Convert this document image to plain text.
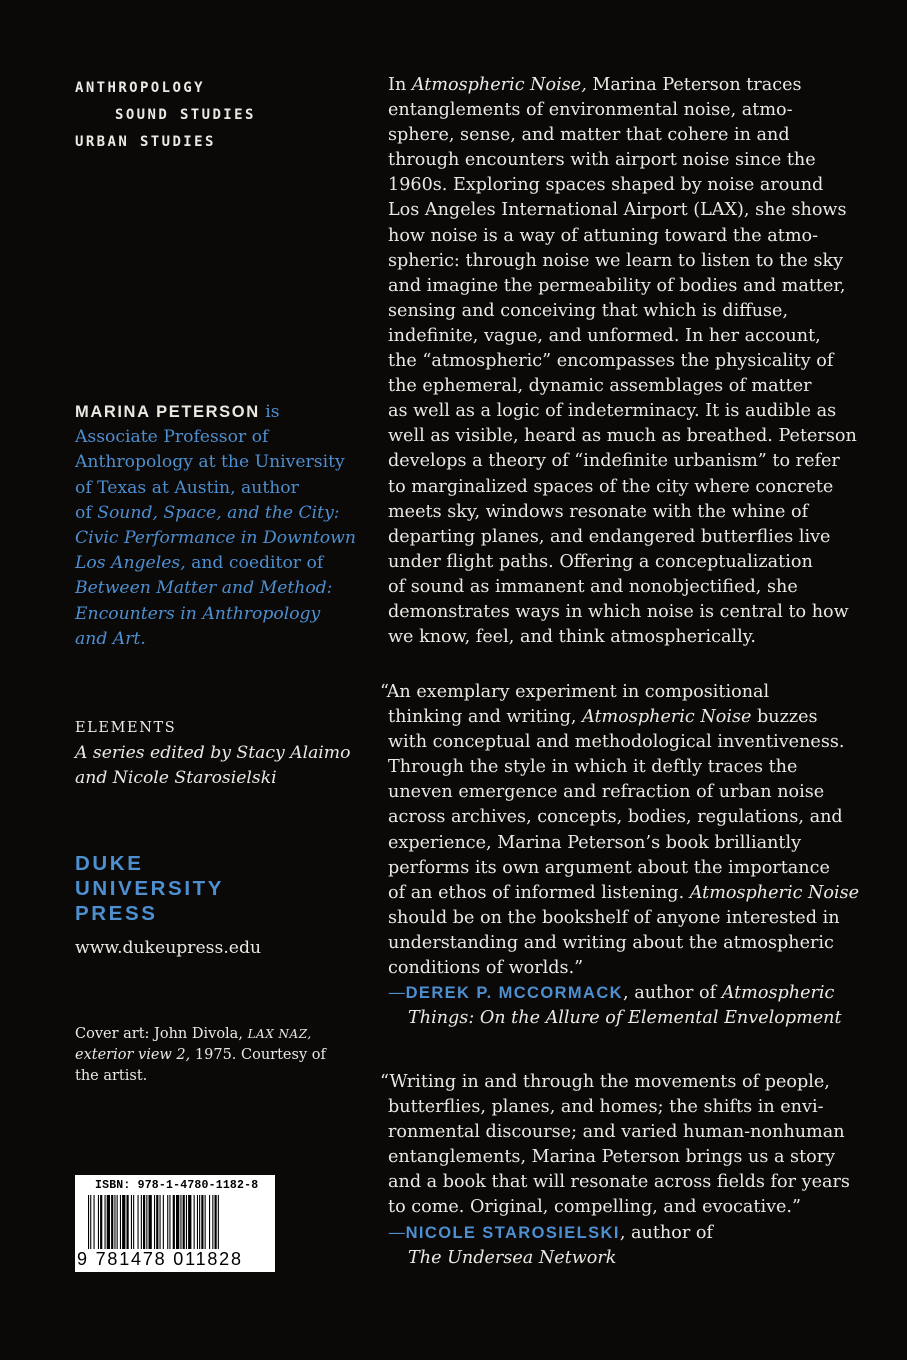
ANTHROPOLOGY
SOUND STUDIES
URBAN STUDIES
MARINA PETERSON is
Associate Professor of
Anthropology at the University
of Texas at Austin, author
of Sound, Space, and the City:
Civic Performance in Downtown
Los Angeles, and coeditor of
Between Matter and Method:
Encounters in Anthropology
and Art.
ELEMENTS
A series edited by Stacy Alaimo
and Nicole Starosielski
DUKE
UNIVERSITY
PRESS
www.dukeupress.edu
Cover art: John Divola, LAX NAZ,
exterior view 2, 1975. Courtesy of
the artist.
ISBN: 978-1-4780-1182-8
9 781478 011828
In Atmospheric Noise, Marina Peterson traces
entanglements of environmental noise, atmo-
sphere, sense, and matter that cohere in and
through encounters with airport noise since the
1960s. Exploring spaces shaped by noise around
Los Angeles International Airport (LAX), she shows
how noise is a way of attuning toward the atmo-
spheric: through noise we learn to listen to the sky
and imagine the permeability of bodies and matter,
sensing and conceiving that which is diffuse,
indefinite, vague, and unformed. In her account,
the “atmospheric” encompasses the physicality of
the ephemeral, dynamic assemblages of matter
as well as a logic of indeterminacy. It is audible as
well as visible, heard as much as breathed. Peterson
develops a theory of “indefinite urbanism” to refer
to marginalized spaces of the city where concrete
meets sky, windows resonate with the whine of
departing planes, and endangered butterflies live
under flight paths. Offering a conceptualization
of sound as immanent and nonobjectified, she
demonstrates ways in which noise is central to how
we know, feel, and think atmospherically.
“An exemplary experiment in compositional
thinking and writing, Atmospheric Noise buzzes
with conceptual and methodological inventiveness.
Through the style in which it deftly traces the
uneven emergence and refraction of urban noise
across archives, concepts, bodies, regulations, and
experience, Marina Peterson’s book brilliantly
performs its own argument about the importance
of an ethos of informed listening. Atmospheric Noise
should be on the bookshelf of anyone interested in
understanding and writing about the atmospheric
conditions of worlds.”
—DEREK P. MCCORMACK, author of Atmospheric
Things: On the Allure of Elemental Envelopment
“Writing in and through the movements of people,
butterflies, planes, and homes; the shifts in envi-
ronmental discourse; and varied human-nonhuman
entanglements, Marina Peterson brings us a story
and a book that will resonate across fields for years
to come. Original, compelling, and evocative.”
—NICOLE STAROSIELSKI, author of
The Undersea Network
